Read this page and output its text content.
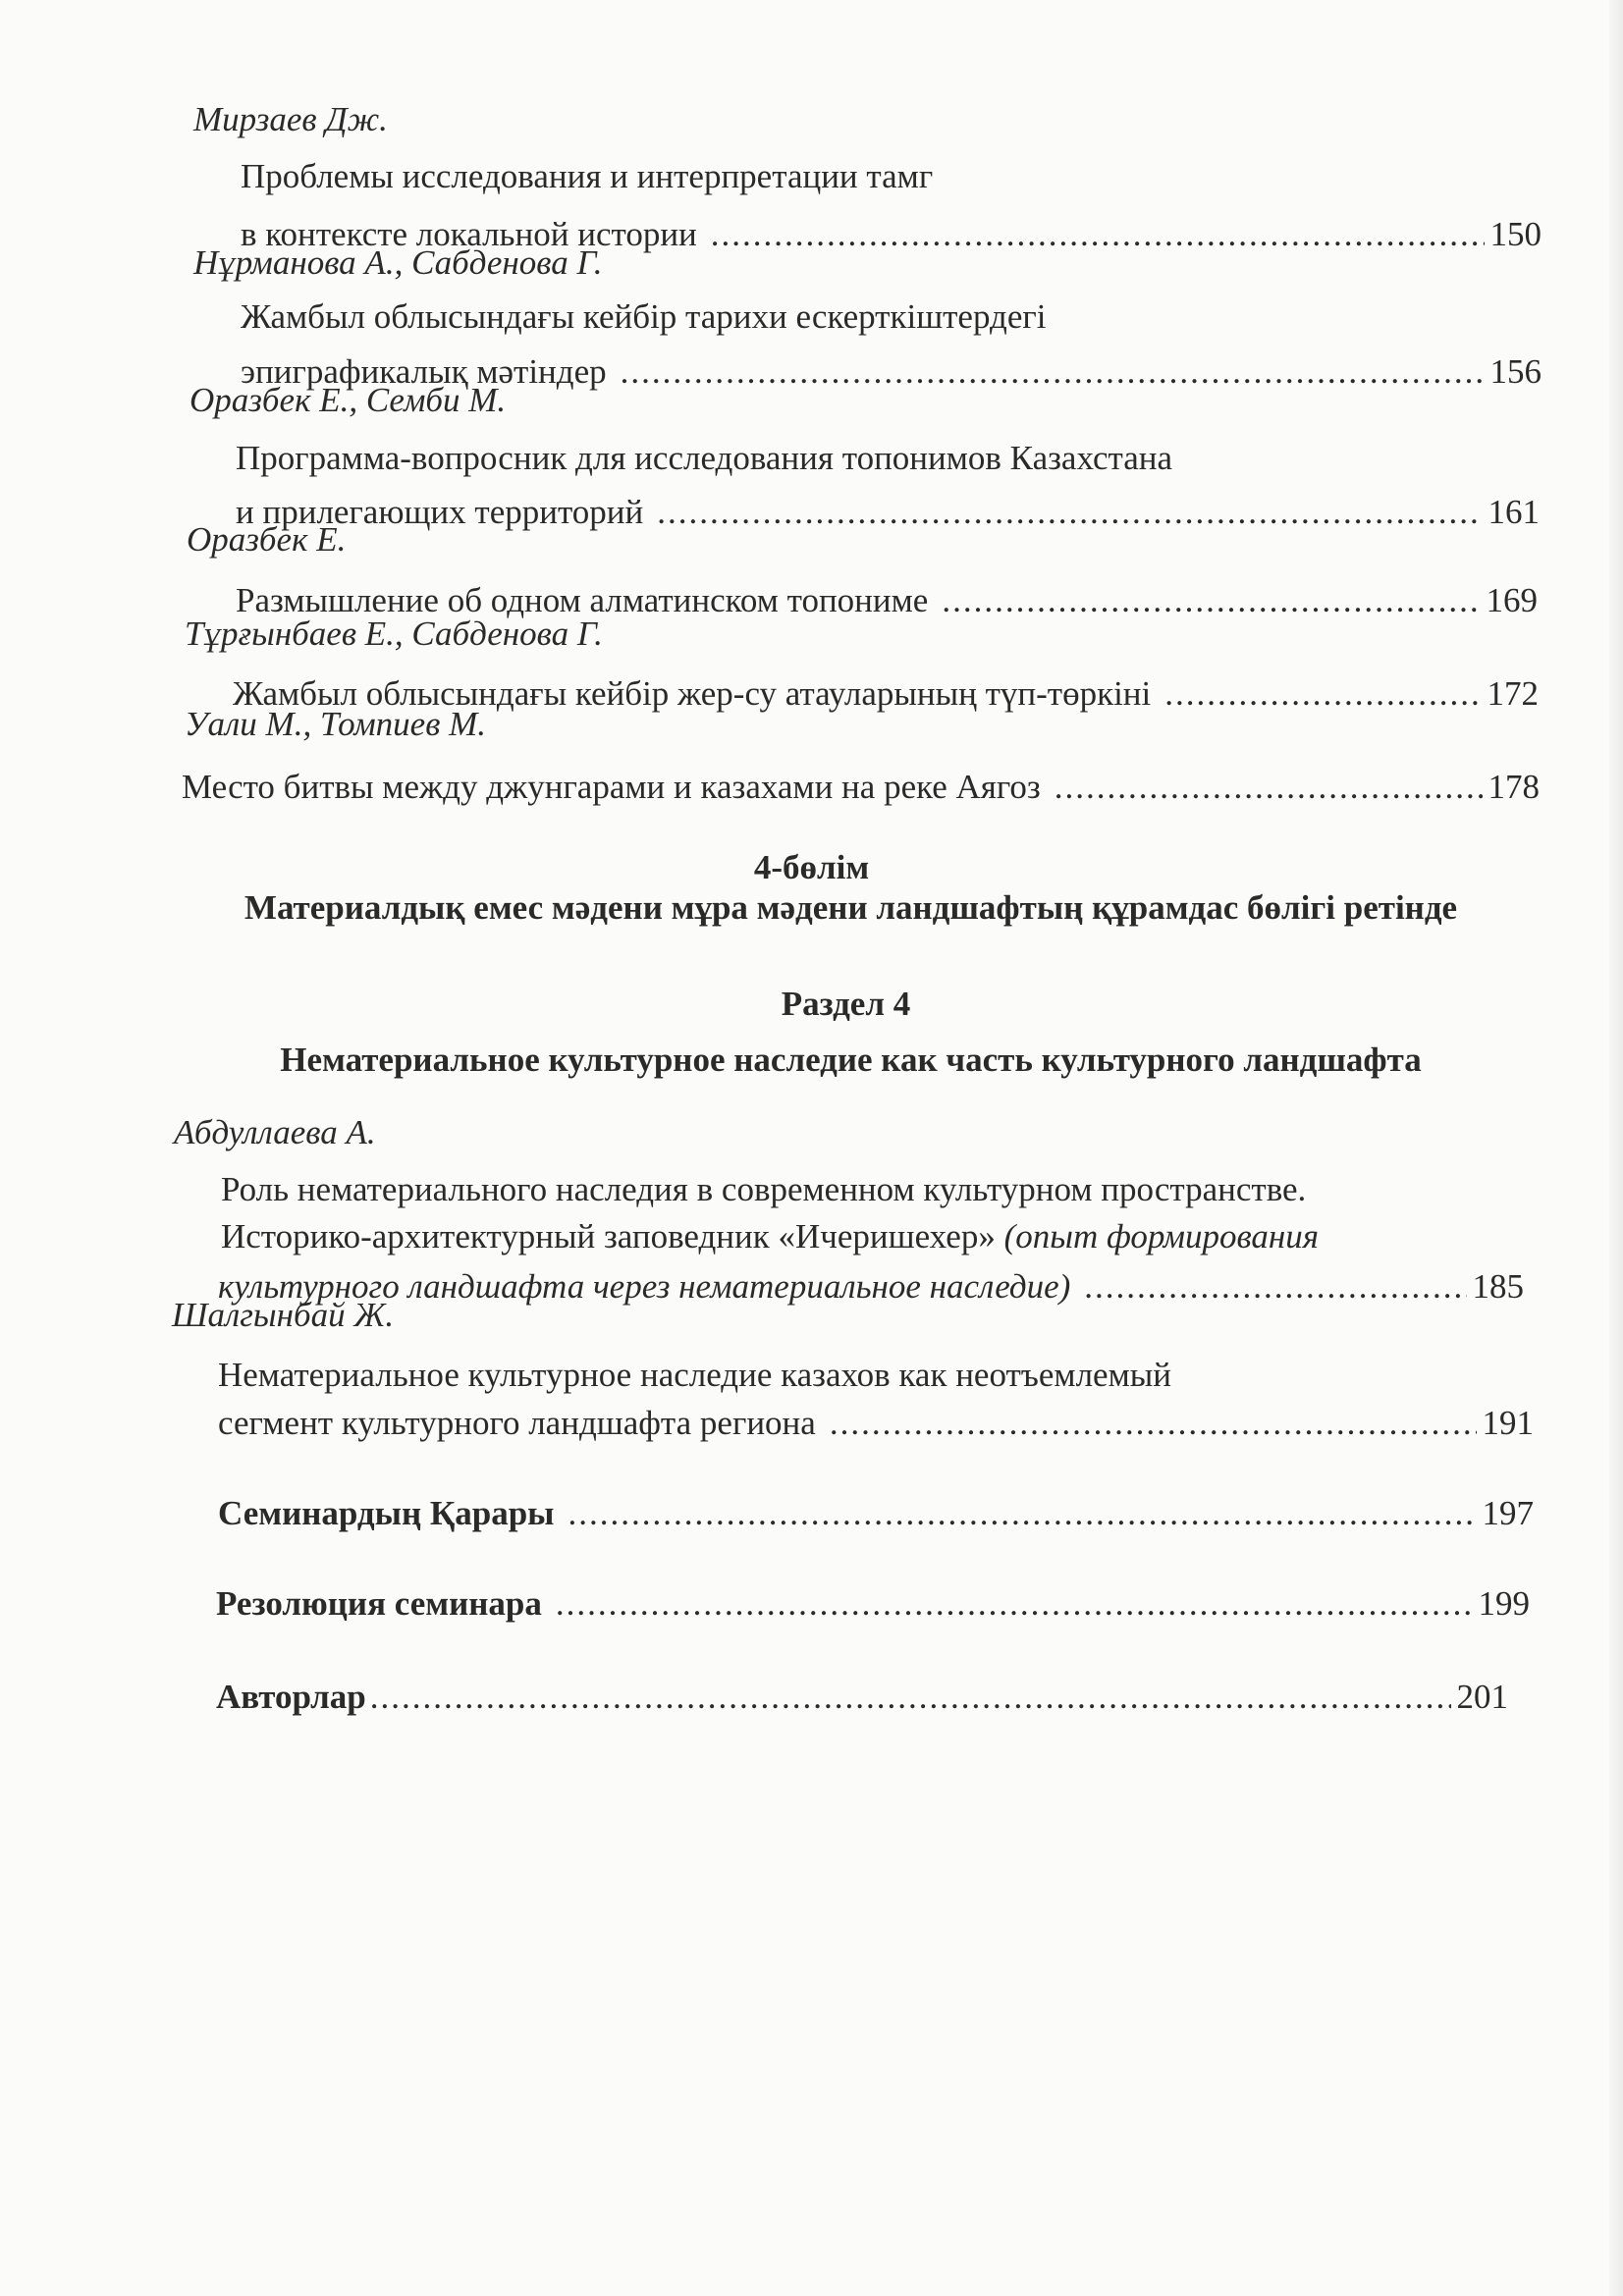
Мирзаев Дж.
Проблемы исследования и интерпретации тамг
в контексте локальной истории .....	150
Нұрманова А., Сабденова Г.
Жамбыл облысындағы кейбір тарихи ескерткіштердегі
эпиграфикалық мәтіндер .....	156
Оразбек Е., Семби М.
Программа-вопросник для исследования топонимов Казахстана
и прилегающих территорий .....	161
Оразбек Е.
Размышление об одном алматинском топониме .....	169
Тұрғынбаев Е., Сабденова Г.
Жамбыл облысындағы кейбір жер-су атауларының түп-төркіні .....	172
Уали М., Томпиев М.
Место битвы между джунгарами и казахами на реке Аягоз .....	178
4-бөлім
Материалдық емес мәдени мұра мәдени ландшафтың құрамдас бөлігі ретінде
Раздел 4
Нематериальное культурное наследие как часть культурного ландшафта
Абдуллаева А.
Роль нематериального наследия в современном культурном пространстве.
Историко-архитектурный заповедник «Ичеришехер» (опыт формирования
культурного ландшафта через нематериальное наследие) .....	185
Шалгынбай Ж.
Нематериальное культурное наследие казахов как неотъемлемый
сегмент культурного ландшафта региона .....	191
Семинардың Қарары .....	197
Резолюция семинара .....	199
Авторлар .....	201
